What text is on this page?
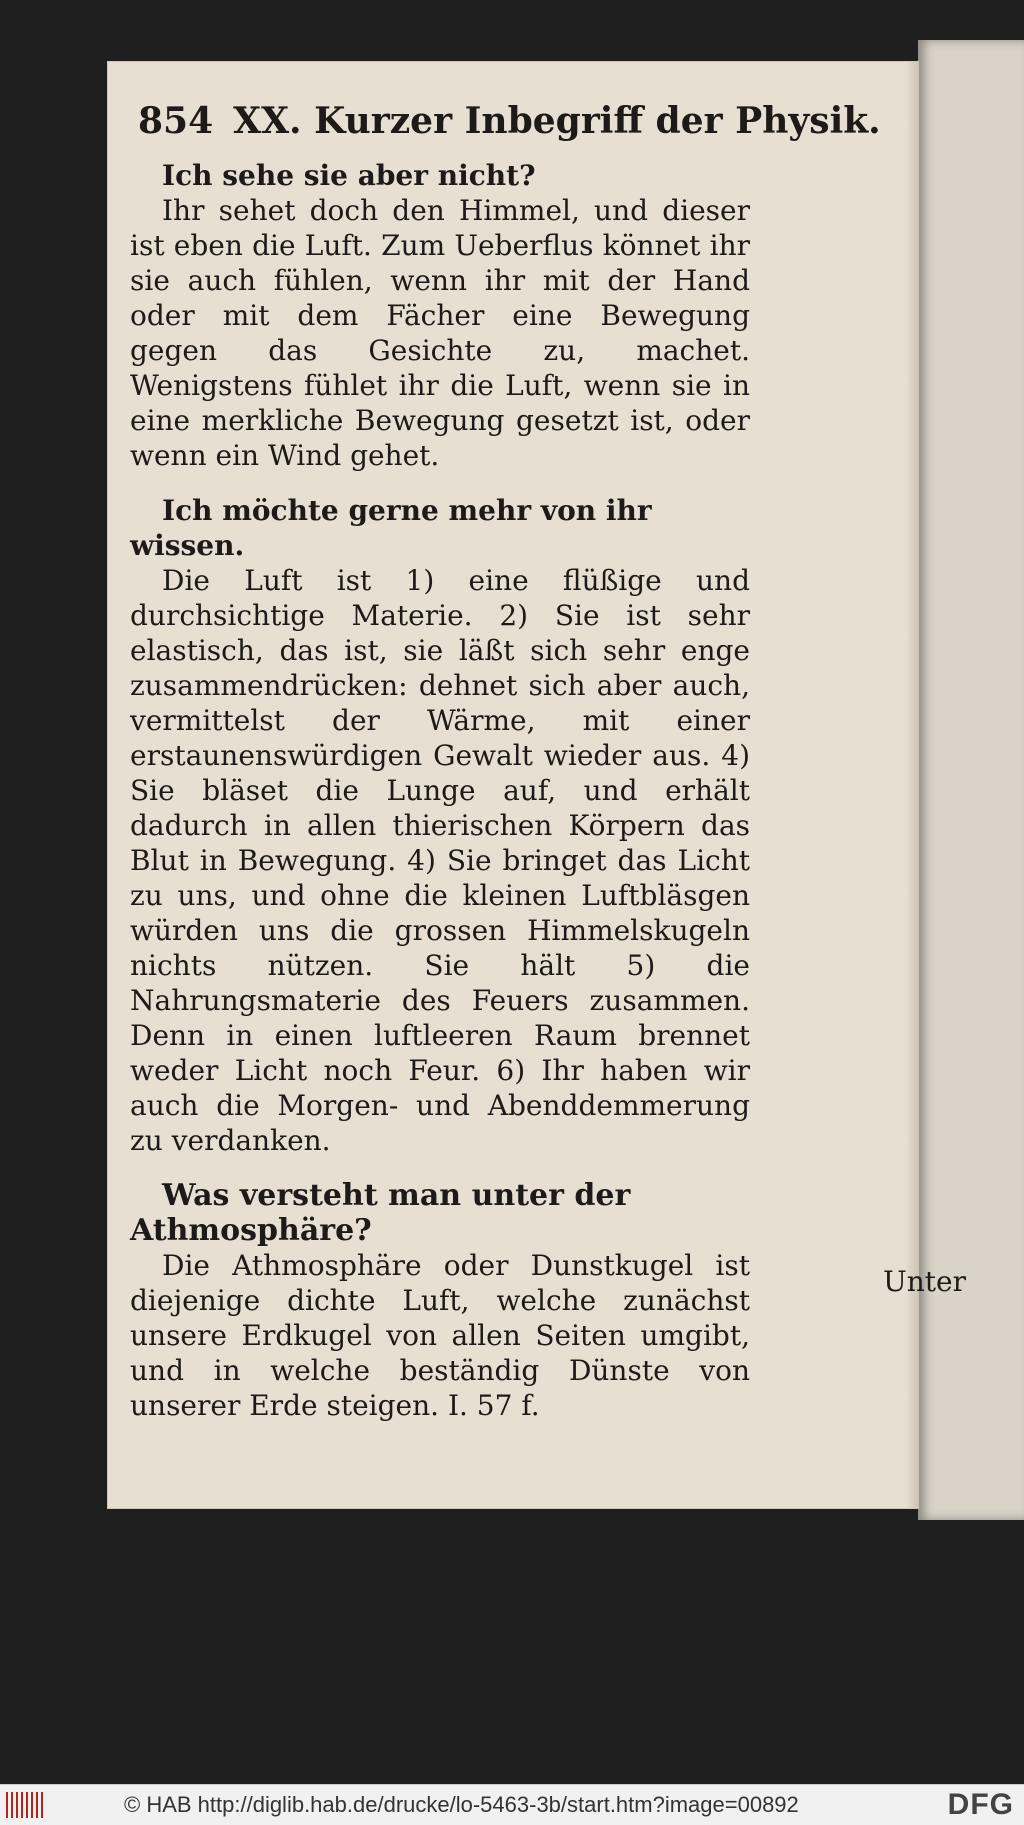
854 XX. Kurzer Inbegriff der Physik.

Ich sehe sie aber nicht?

Ihr sehet doch den Himmel, und dieser ist eben die Luft. Zum Ueberflus könnet ihr sie auch fühlen, wenn ihr mit der Hand oder mit dem Fächer eine Bewegung gegen das Gesichte zu, machet. Wenigstens fühlet ihr die Luft, wenn sie in eine merkliche Bewegung gesetzt ist, oder wenn ein Wind gehet.

Ich möchte gerne mehr von ihr wissen.

Die Luft ist 1) eine flüßige und durchsichtige Materie. 2) Sie ist sehr elastisch, das ist, sie läßt sich sehr enge zusammendrücken: dehnet sich aber auch, vermittelst der Wärme, mit einer erstaunenswürdigen Gewalt wieder aus. 4) Sie bläset die Lunge auf, und erhält dadurch in allen thierischen Körpern das Blut in Bewegung. 4) Sie bringet das Licht zu uns, und ohne die kleinen Luftbläsgen würden uns die grossen Himmelskugeln nichts nützen. Sie hält 5) die Nahrungsmaterie des Feuers zusammen. Denn in einen luftleeren Raum brennet weder Licht noch Feur. 6) Ihr haben wir auch die Morgen- und Abenddemmerung zu verdanken.

Was versteht man unter der Athmosphäre?

Die Athmosphäre oder Dunstkugel ist diejenige dichte Luft, welche zunächst unsere Erdkugel von allen Seiten umgibt, und in welche beständig Dünste von unserer Erde steigen. I. 57 f.

Unter
© HAB http://diglib.hab.de/drucke/lo-5463-3b/start.htm?image=00892	DFG
